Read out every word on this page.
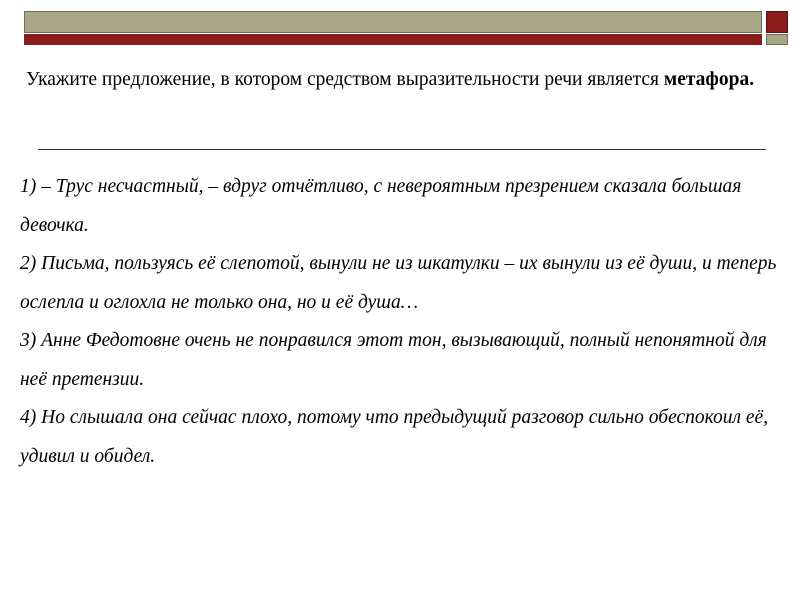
Укажите предложение, в котором средством выразительности речи является метафора.
1) – Трус несчастный, – вдруг отчётливо, с невероятным презрением сказала большая девочка.
2) Письма, пользуясь её слепотой, вынули не из шкатулки – их вынули из её души, и теперь ослепла и оглохла не только она, но и её душа…
3) Анне Федотовне очень не понравился этот тон, вызывающий, полный непонятной для неё претензии.
4) Но слышала она сейчас плохо, потому что предыдущий разговор сильно обеспокоил её, удивил и обидел.
